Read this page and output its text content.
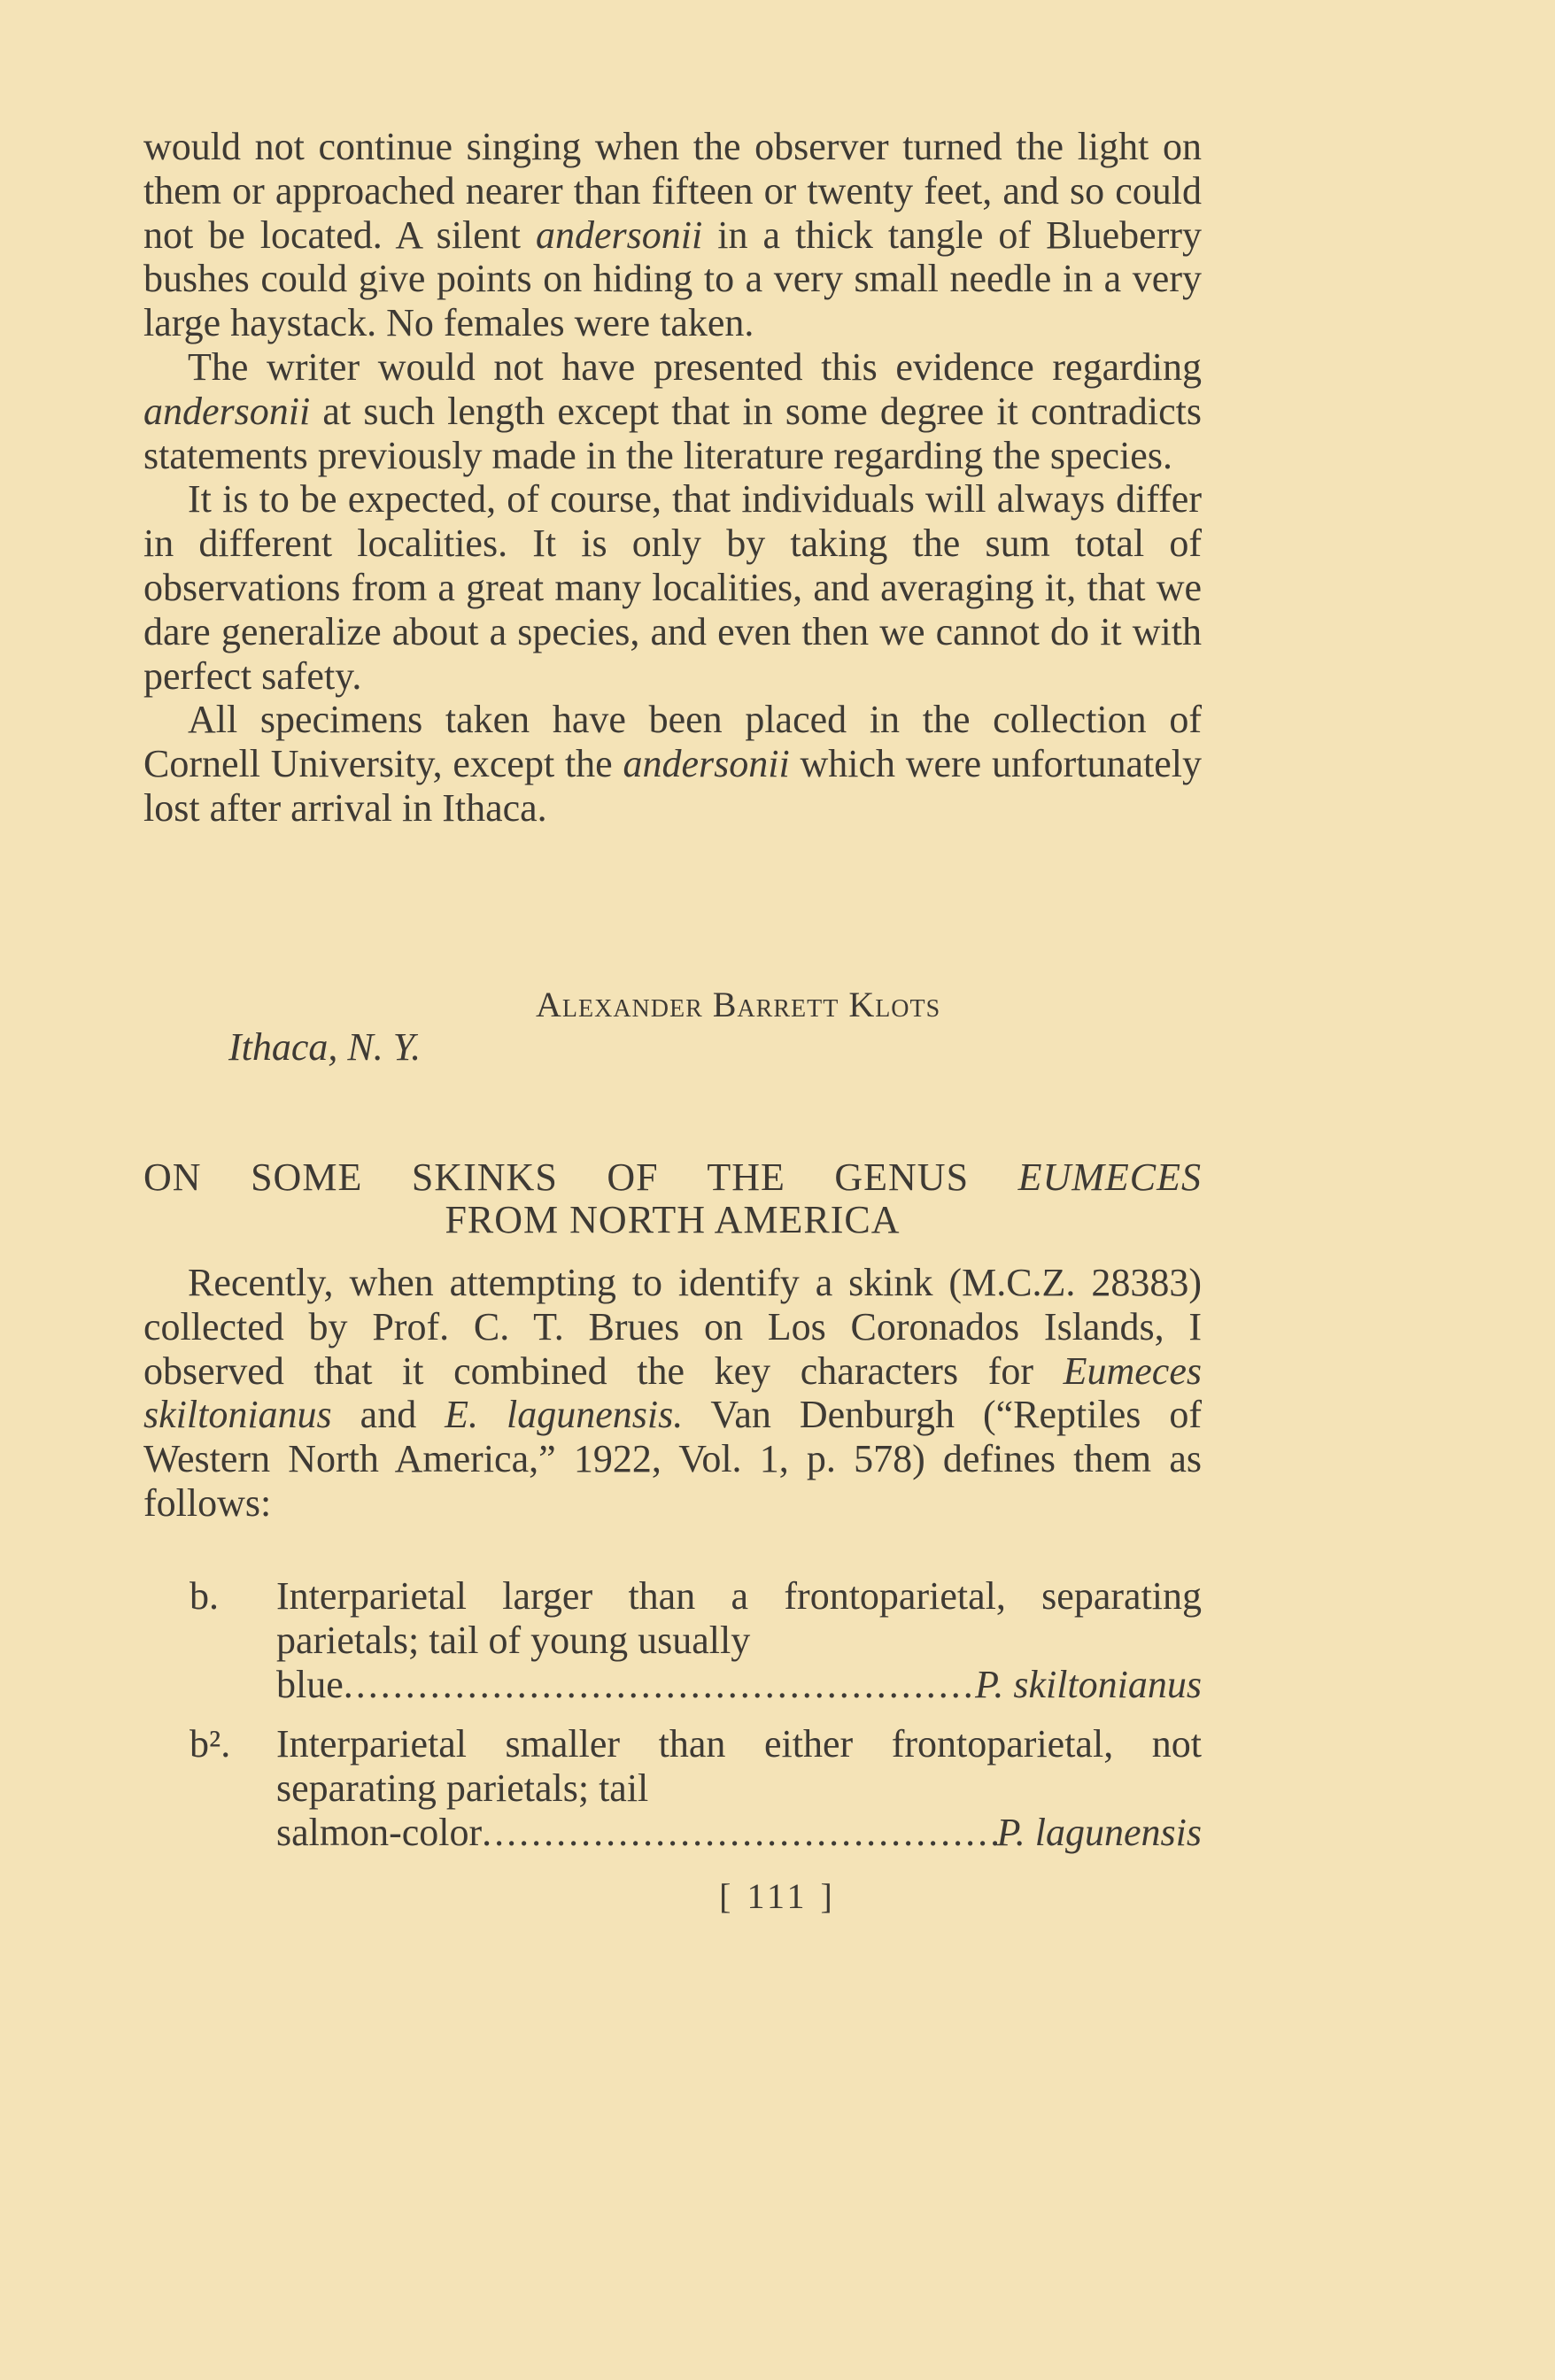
would not continue singing when the observer turned the light on them or approached nearer than fifteen or twenty feet, and so could not be located. A silent andersonii in a thick tangle of Blueberry bushes could give points on hiding to a very small needle in a very large haystack. No females were taken.

The writer would not have presented this evidence regarding andersonii at such length except that in some degree it contradicts statements previously made in the literature regarding the species.

It is to be expected, of course, that individuals will always differ in different localities. It is only by taking the sum total of observations from a great many localities, and averaging it, that we dare generalize about a species, and even then we cannot do it with perfect safety.

All specimens taken have been placed in the collection of Cornell University, except the andersonii which were unfortunately lost after arrival in Ithaca.

Alexander Barrett Klots
Ithaca, N. Y.
ON SOME SKINKS OF THE GENUS EUMECES
FROM NORTH AMERICA

Recently, when attempting to identify a skink (M.C.Z. 28383) collected by Prof. C. T. Brues on Los Coronados Islands, I observed that it combined the key characters for Eumeces skiltonianus and E. lagunensis. Van Denburgh (“Reptiles of Western North America,” 1922, Vol. 1, p. 578) defines them as follows:

b. Interparietal larger than a frontoparietal, separating parietals; tail of young usually
blue . . .	P. skiltonianus
b². Interparietal smaller than either frontoparietal, not separating parietals; tail
salmon-color . . .	P. lagunensis
[ 111 ]
